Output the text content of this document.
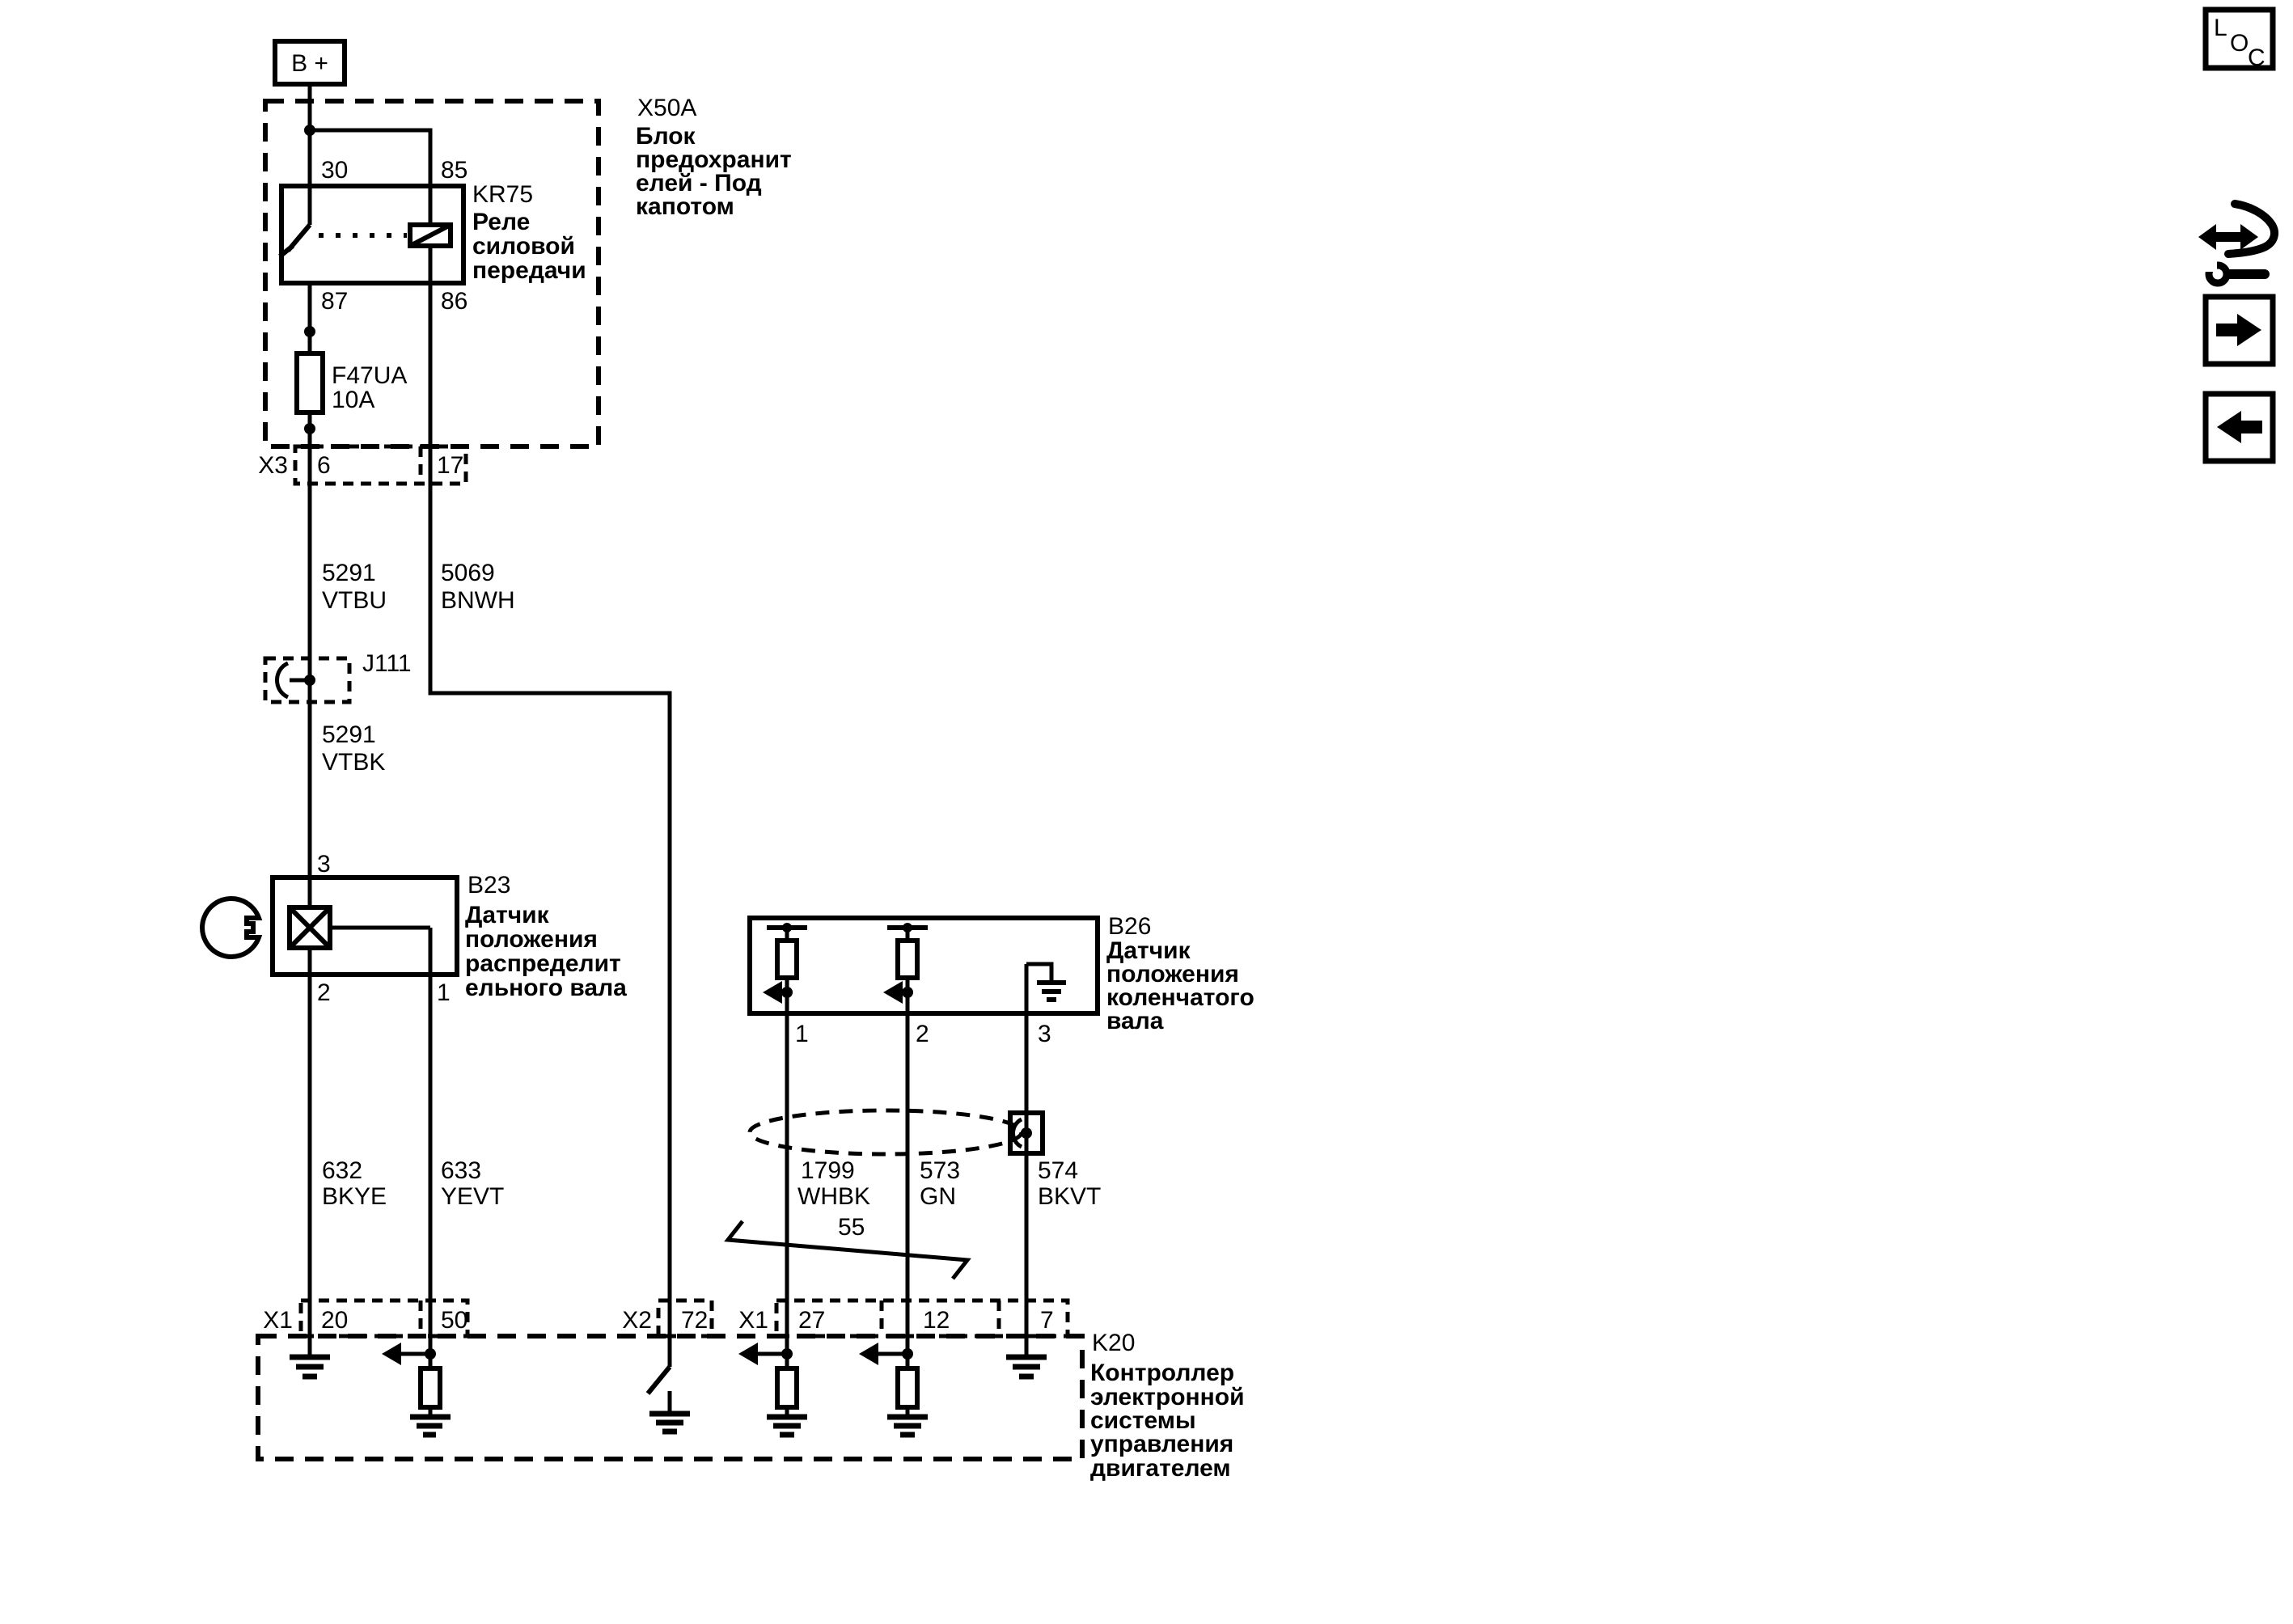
B +
X50A
Блок
предохранит
елей - Под
капотом
30	85
87	86
KR75
Реле
силовой
передачи
F47UA
10A
X3 6	17
5291
VTBU
5069
BNWH
J111
5291
VTBK
3
2	1
B23
Датчик
положения
распределит
ельного вала
632
BKYE
633
YEVT
1	2	3
B26
Датчик
положения
коленчатого
вала
1799
WHBK
573
GN
574
BKVT
55
X1 20	50	X2 72 X1 27	12	7
K20
Контроллер
электронной
системы
управления
двигателем
L
O
C
